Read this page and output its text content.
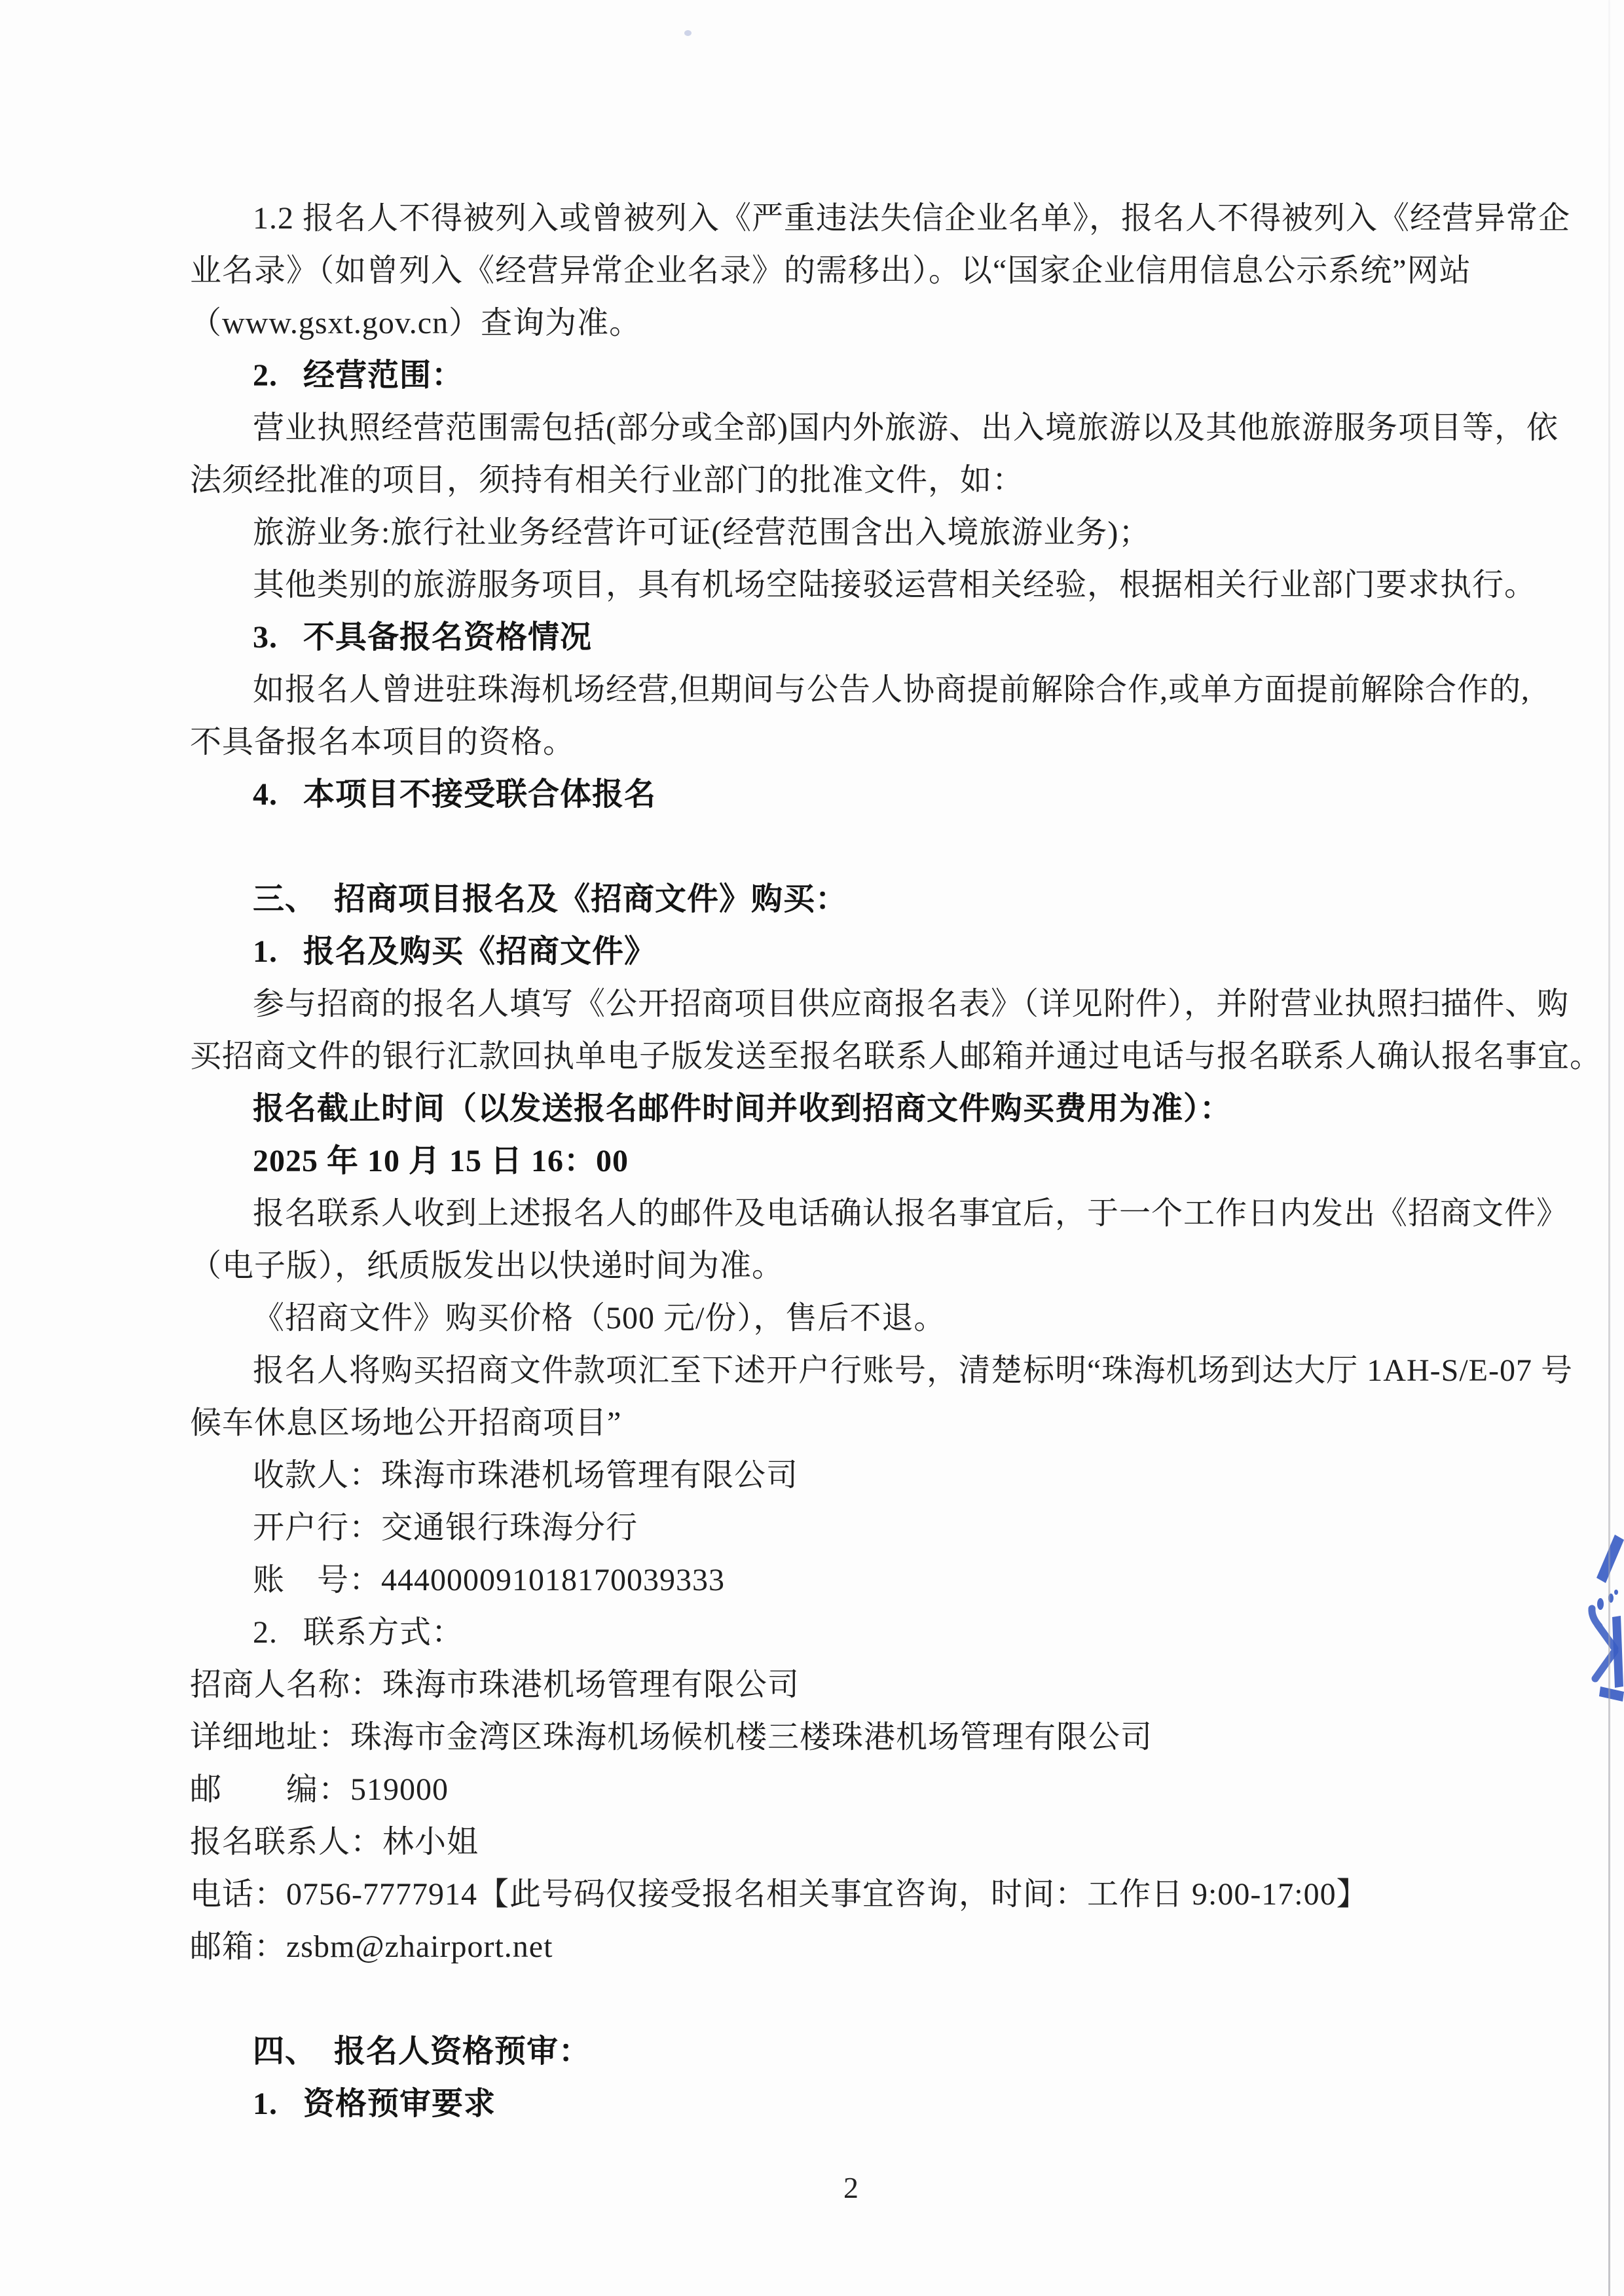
1.2 报名人不得被列入或曾被列入《严重违法失信企业名单》，报名人不得被列入《经营异常企
业名录》（如曾列入《经营异常企业名录》的需移出）。以“国家企业信用信息公示系统”网站
（www.gsxt.gov.cn）查询为准。
2.   经营范围：
营业执照经营范围需包括(部分或全部)国内外旅游、出入境旅游以及其他旅游服务项目等，依
法须经批准的项目，须持有相关行业部门的批准文件，如：
旅游业务:旅行社业务经营许可证(经营范围含出入境旅游业务)；
其他类别的旅游服务项目，具有机场空陆接驳运营相关经验，根据相关行业部门要求执行。
3.   不具备报名资格情况
如报名人曾进驻珠海机场经营,但期间与公告人协商提前解除合作,或单方面提前解除合作的,
不具备报名本项目的资格。
4.   本项目不接受联合体报名

三、  招商项目报名及《招商文件》购买：
1.   报名及购买《招商文件》
参与招商的报名人填写《公开招商项目供应商报名表》（详见附件），并附营业执照扫描件、购
买招商文件的银行汇款回执单电子版发送至报名联系人邮箱并通过电话与报名联系人确认报名事宜。
报名截止时间（以发送报名邮件时间并收到招商文件购买费用为准）：
2025 年 10 月 15 日 16：00
报名联系人收到上述报名人的邮件及电话确认报名事宜后，于一个工作日内发出《招商文件》
（电子版），纸质版发出以快递时间为准。
《招商文件》购买价格（500 元/份），售后不退。
报名人将购买招商文件款项汇至下述开户行账号，清楚标明“珠海机场到达大厅 1AH-S/E-07 号
候车休息区场地公开招商项目”
收款人：珠海市珠港机场管理有限公司
开户行：交通银行珠海分行
账　号：444000091018170039333
2.   联系方式：
招商人名称：珠海市珠港机场管理有限公司
详细地址：珠海市金湾区珠海机场候机楼三楼珠港机场管理有限公司
邮　　编：519000
报名联系人：林小姐
电话：0756-7777914【此号码仅接受报名相关事宜咨询，时间：工作日 9:00-17:00】
邮箱：zsbm@zhairport.net

四、  报名人资格预审：
1.   资格预审要求
2
